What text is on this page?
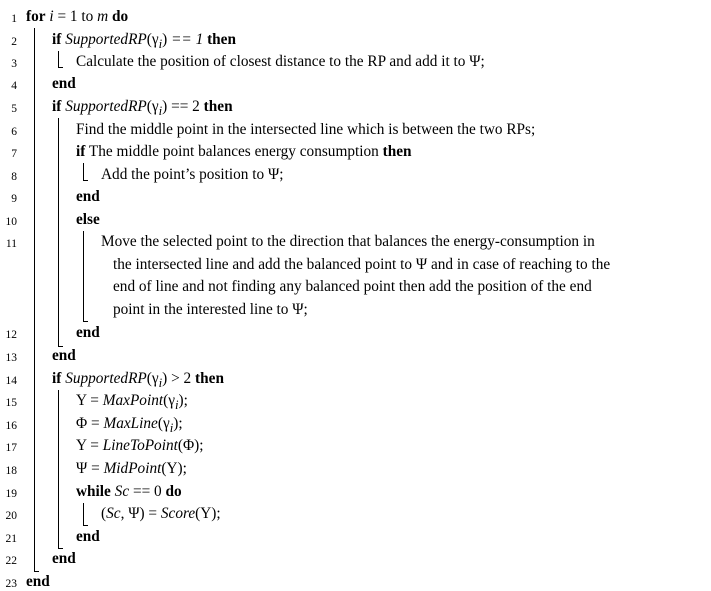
1
2
3
4
5
6
7
8
9
10
11
12
13
14
15
16
17
18
19
20
21
22
23
for i = 1 to m do
if $SupportedRP(\gamma_i) == 1$ then
Calculate the position of closest distance to the RP and add it to Ψ;
end
if $SupportedRP(\gamma_i) == 2$ then
Find the middle point in the intersected line which is between the two RPs;
if The middle point balances energy consumption then
Add the point’s position to Ψ;
end
else
Move the selected point to the direction that balances the energy-consumption in
the intersected line and add the balanced point to Ψ and in case of reaching to the
end of line and not finding any balanced point then add the position of the end
point in the interested line to Ψ;
end
end
if $SupportedRP(\gamma_i) > 2$ then
$\Upsilon = MaxPoint(\gamma_i)$;
$\Phi = MaxLine(\gamma_i)$;
Υ = LineToPoint(Φ);
Ψ = MidPoint(Υ);
while Sc == 0 do
(Sc, Ψ) = Score(Υ);
end
end
end
